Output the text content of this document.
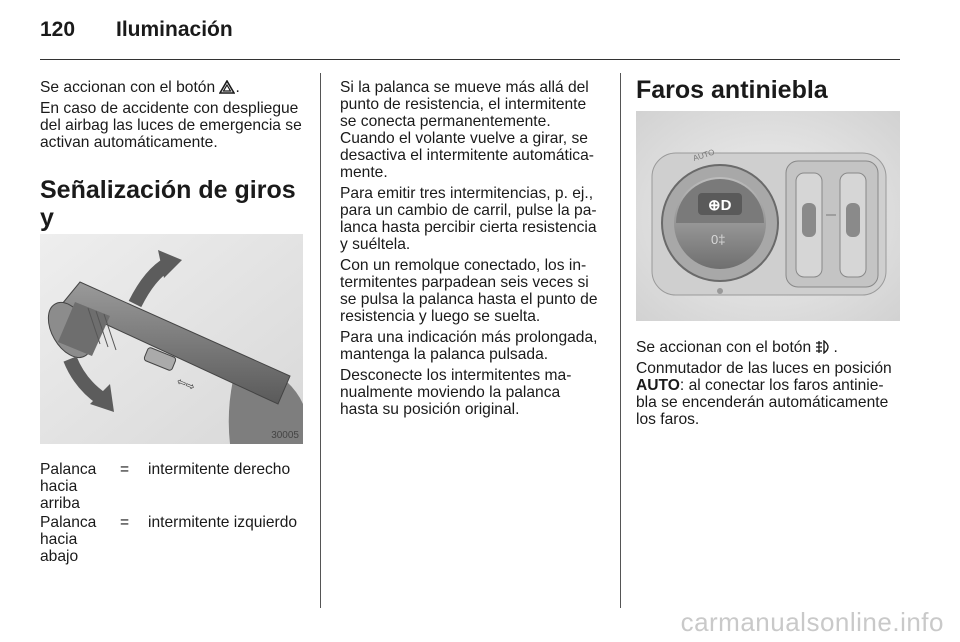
120 Iluminación

Se accionan con el botón .

En caso de accidente con despliegue del airbag las luces de emergencia se activan automáticamente.

Señalización de giros y
⇦⇨
30005
Palanca
hacia
arriba	=	intermitente derecho

Palanca
hacia
abajo	=	intermitente izquierdo

Si la palanca se mueve más allá del
punto de resistencia, el intermitente
se conecta permanentemente.
Cuando el volante vuelve a girar, se
desactiva el intermitente automática-
mente.

Para emitir tres intermitencias, p. ej.,
para un cambio de carril, pulse la pa-
lanca hasta percibir cierta resistencia
y suéltela.

Con un remolque conectado, los in-
termitentes parpadean seis veces si
se pulsa la palanca hasta el punto de
resistencia y luego se suelta.

Para una indicación más prolongada,
mantenga la palanca pulsada.

Desconecte los intermitentes ma-
nualmente moviendo la palanca
hasta su posición original.

Faros antiniebla
⊕D
0‡
AUTO

Se accionan con el botón .

Conmutador de las luces en posición
AUTO: al conectar los faros antinie-
bla se encenderán automáticamente
los faros.

carmanualsonline.info
